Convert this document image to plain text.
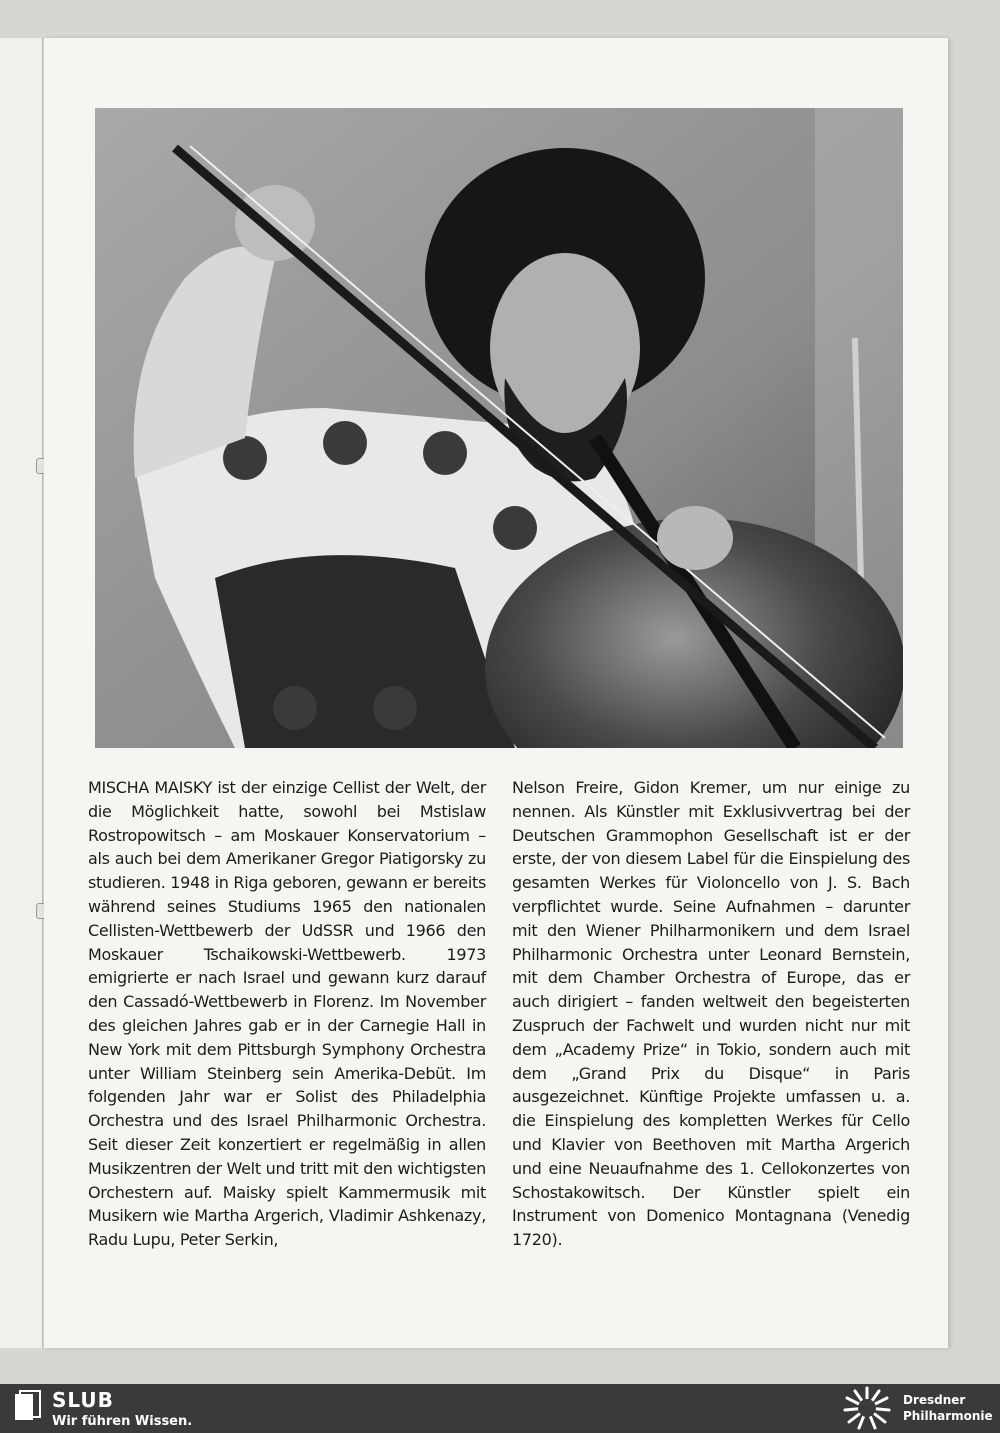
MISCHA MAISKY ist der einzige Cellist der Welt, der die Möglichkeit hatte, sowohl bei Mstislaw Rostropowitsch – am Moskauer Konservatorium – als auch bei dem Amerikaner Gregor Piatigorsky zu studieren. 1948 in Riga geboren, gewann er bereits während seines Studiums 1965 den nationalen Cellisten-Wettbewerb der UdSSR und 1966 den Moskauer Tschaikowski-Wettbewerb. 1973 emigrierte er nach Israel und gewann kurz darauf den Cassadó-Wettbewerb in Florenz. Im November des gleichen Jahres gab er in der Carnegie Hall in New York mit dem Pittsburgh Symphony Orchestra unter William Steinberg sein Amerika-Debüt. Im folgenden Jahr war er Solist des Philadelphia Orchestra und des Israel Philharmonic Orchestra. Seit dieser Zeit konzertiert er regelmäßig in allen Musikzentren der Welt und tritt mit den wichtigsten Orchestern auf. Maisky spielt Kammermusik mit Musikern wie Martha Argerich, Vladimir Ashkenazy, Radu Lupu, Peter Serkin,

Nelson Freire, Gidon Kremer, um nur einige zu nennen. Als Künstler mit Exklusivvertrag bei der Deutschen Grammophon Gesellschaft ist er der erste, der von diesem Label für die Einspielung des gesamten Werkes für Violoncello von J. S. Bach verpflichtet wurde. Seine Aufnahmen – darunter mit den Wiener Philharmonikern und dem Israel Philharmonic Orchestra unter Leonard Bernstein, mit dem Chamber Orchestra of Europe, das er auch dirigiert – fanden weltweit den begeisterten Zuspruch der Fachwelt und wurden nicht nur mit dem „Academy Prize“ in Tokio, sondern auch mit dem „Grand Prix du Disque“ in Paris ausgezeichnet. Künftige Projekte umfassen u. a. die Einspielung des kompletten Werkes für Cello und Klavier von Beethoven mit Martha Argerich und eine Neuaufnahme des 1. Cellokonzertes von Schostakowitsch. Der Künstler spielt ein Instrument von Domenico Montagnana (Venedig 1720).

SLUB
Wir führen Wissen.
Dresdner
Philharmonie
